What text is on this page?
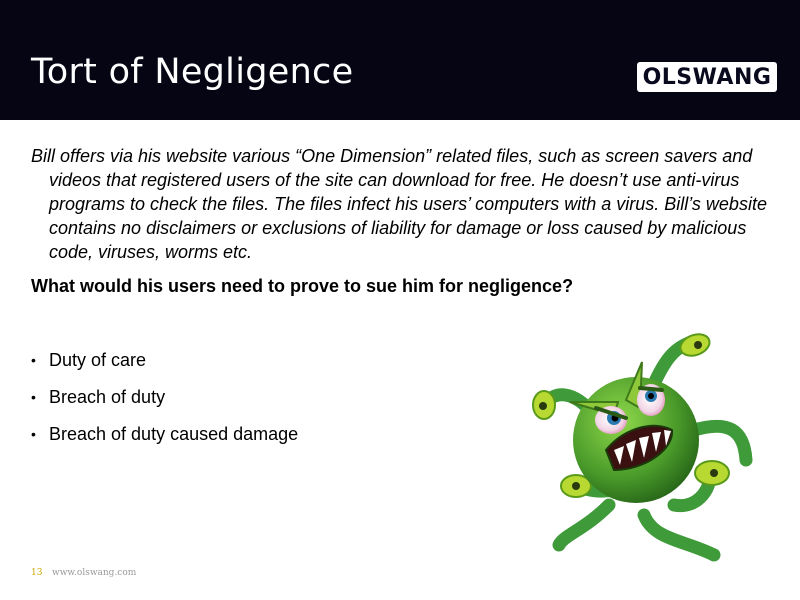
Tort of Negligence	OLSWANG

Bill offers via his website various “One Dimension” related files, such as screen savers and videos that registered users of the site can download for free. He doesn’t use anti-virus programs to check the files. The files infect his users’ computers with a virus. Bill’s website contains no disclaimers or exclusions of liability for damage or loss caused by malicious code, viruses, worms etc.

What would his users need to prove to sue him for negligence?

• Duty of care
• Breach of duty
• Breach of duty caused damage
13 www.olswang.com
